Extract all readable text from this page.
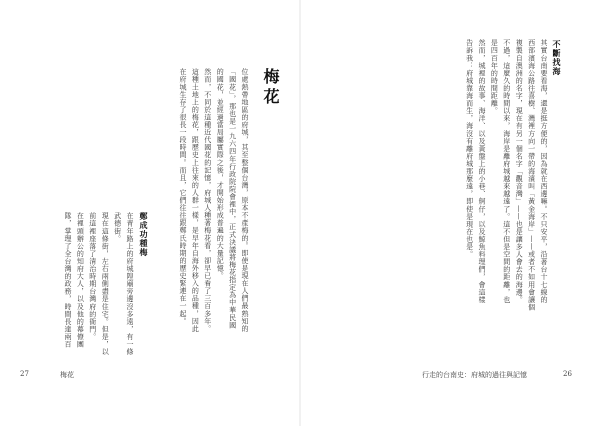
不斷找海
其實台南要看海，還是挺方便的，因為就在西邊嘛。不只安平，沿著台十七線的
西部濱海公路往喜樹、灣裡方向一帶的海濱叫「黃金海岸」——或者不如用會讓個
複製自澳洲的名字，現在有另一個名字「觀音灣」——也是讓多人會去的海邊。
不過，這麼久的時間以來，海岸是離府城越來越遠了。這不但是空間的距離，也
是四百年的時間距離。
然而，城裡的故事、海洋、以及黃盤上的小巷、舸仔，以及鯨魚料理們，會這樣
告訴我：府城靠海而生，海沒有離府城那麼遠，即使是現在也是。
梅花
位處熱帶地區的府城，其至整個台灣，原本不產梅的。即使是現在人們最熟知的
「國花」，那也是一九六四年行政院院會裡中，正式決議將梅花指定為中華民國
的國花，並經過當局屬實際之後，才開始形成普遍的大量記憶。
然而，不同於這種近代國花的記憶，府城人種著梅花看，卻早已看了三百多年。
這種土地上的梅花，跟歷史上往來的人群一樣，是早年自海外移入的品種，因此
在府城生存了很長一段時間。而且，它們往往跟鄭氏時期的歷史緊連在一起。
鄭成功種梅
在青年路上的府城隍廟旁邊沒多遠，有一條武德街。
現在這條街，左右兩側盡是住宅。但是，以前這裡座落了清治時期台灣府的衙門。
在裡頭辦公的知府大人，以及他的幕僚團隊，掌理了全台灣的政務，時間長達兩百
27	梅花	行走的台南史：府城的過往與記憶	26
